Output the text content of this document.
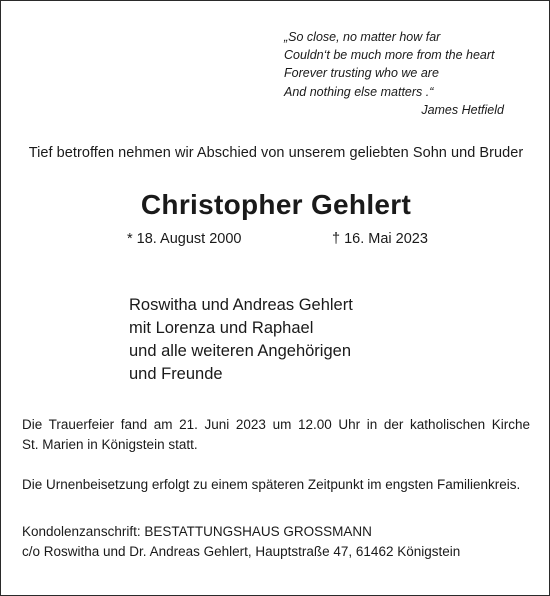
„So close, no matter how far
Couldn‘t be much more from the heart
Forever trusting who we are
And nothing else matters .“
James Hetfield
Tief betroffen nehmen wir Abschied von unserem geliebten Sohn und Bruder
Christopher Gehlert
* 18. August 2000	† 16. Mai 2023
Roswitha und Andreas Gehlert
mit Lorenza und Raphael
und alle weiteren Angehörigen
und Freunde
Die Trauerfeier fand am 21. Juni 2023 um 12.00 Uhr in der katholischen Kirche
St. Marien in Königstein statt.
Die Urnenbeisetzung erfolgt zu einem späteren Zeitpunkt im engsten Familienkreis.
Kondolenzanschrift: BESTATTUNGSHAUS GROSSMANN
c/o Roswitha und Dr. Andreas Gehlert, Hauptstraße 47, 61462 Königstein
